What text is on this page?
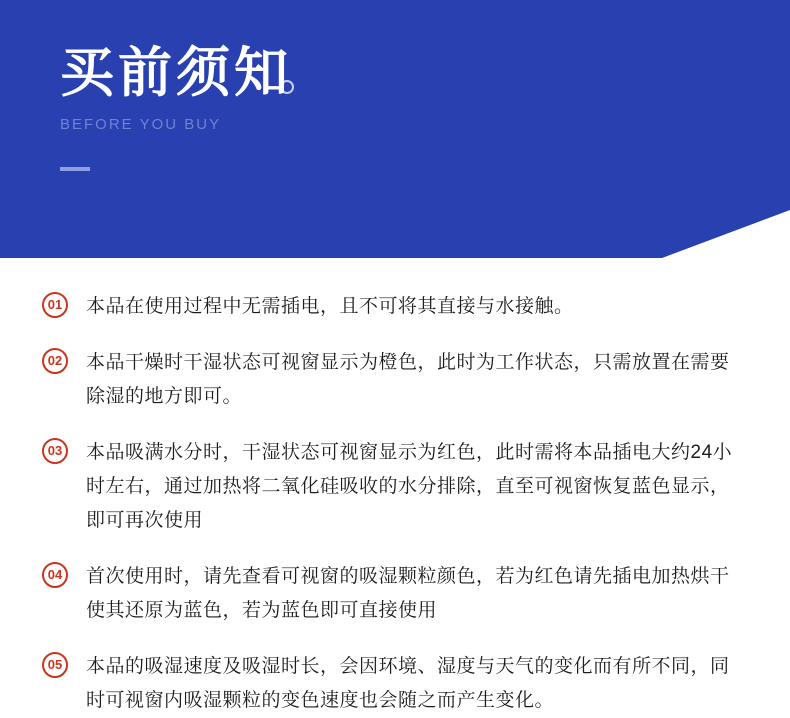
买前须知
BEFORE YOU BUY
01	本品在使用过程中无需插电，且不可将其直接与水接触。
02	本品干燥时干湿状态可视窗显示为橙色，此时为工作状态，只需放置在需要除湿的地方即可。
03	本品吸满水分时，干湿状态可视窗显示为红色，此时需将本品插电大约24小时左右，通过加热将二氧化硅吸收的水分排除，直至可视窗恢复蓝色显示，即可再次使用
04	首次使用时，请先查看可视窗的吸湿颗粒颜色，若为红色请先插电加热烘干使其还原为蓝色，若为蓝色即可直接使用
05	本品的吸湿速度及吸湿时长，会因环境、湿度与天气的变化而有所不同，同时可视窗内吸湿颗粒的变色速度也会随之而产生变化。
